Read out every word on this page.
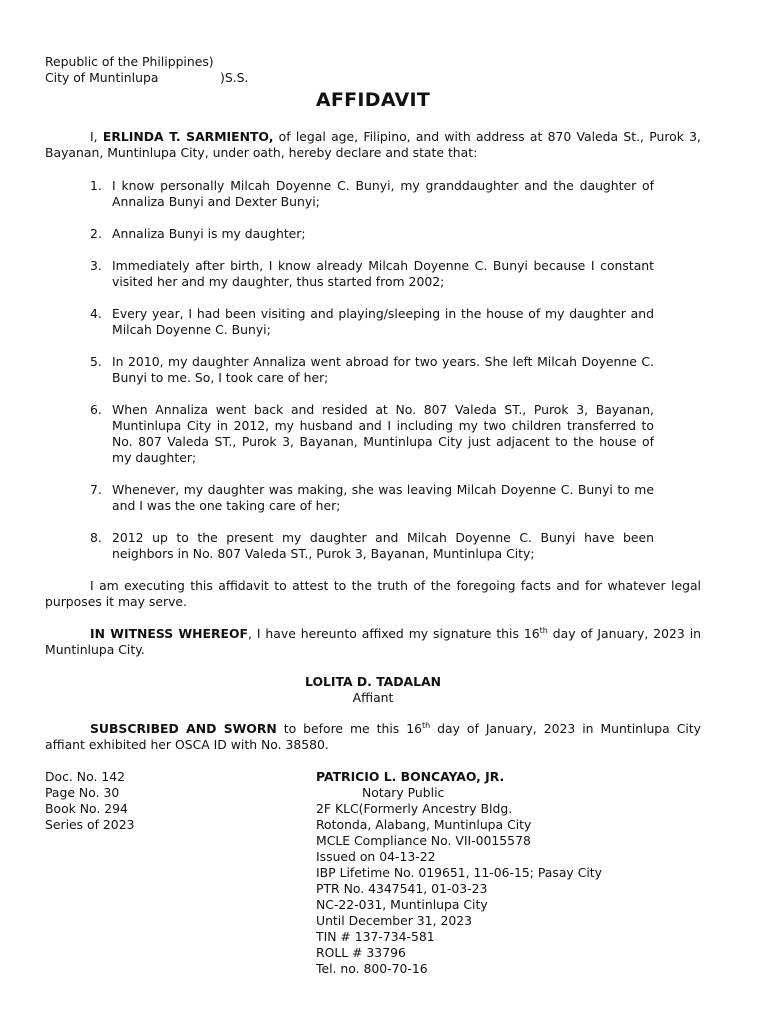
Republic of the Philippines)
City of Muntinlupa	)S.S.
AFFIDAVIT
I, ERLINDA T. SARMIENTO, of legal age, Filipino, and with address at 870 Valeda St., Purok 3, Bayanan, Muntinlupa City, under oath, hereby declare and state that:
1. I know personally Milcah Doyenne C. Bunyi, my granddaughter and the daughter of Annaliza Bunyi and Dexter Bunyi;
2. Annaliza Bunyi is my daughter;
3. Immediately after birth, I know already Milcah Doyenne C. Bunyi because I constant visited her and my daughter, thus started from 2002;
4. Every year, I had been visiting and playing/sleeping in the house of my daughter and Milcah Doyenne C. Bunyi;
5. In 2010, my daughter Annaliza went abroad for two years. She left Milcah Doyenne C. Bunyi to me. So, I took care of her;
6. When Annaliza went back and resided at No. 807 Valeda ST., Purok 3, Bayanan, Muntinlupa City in 2012, my husband and I including my two children transferred to No. 807 Valeda ST., Purok 3, Bayanan, Muntinlupa City just adjacent to the house of my daughter;
7. Whenever, my daughter was making, she was leaving Milcah Doyenne C. Bunyi to me and I was the one taking care of her;
8. 2012 up to the present my daughter and Milcah Doyenne C. Bunyi have been neighbors in No. 807 Valeda ST., Purok 3, Bayanan, Muntinlupa City;
I am executing this affidavit to attest to the truth of the foregoing facts and for whatever legal purposes it may serve.
IN WITNESS WHEREOF, I have hereunto affixed my signature this 16th day of January, 2023 in Muntinlupa City.
LOLITA D. TADALAN
Affiant
SUBSCRIBED AND SWORN to before me this 16th day of January, 2023 in Muntinlupa City affiant exhibited her OSCA ID with No. 38580.
Doc. No. 142
Page No. 30
Book No. 294
Series of 2023
PATRICIO L. BONCAYAO, JR.
Notary Public
2F KLC(Formerly Ancestry Bldg.
Rotonda, Alabang, Muntinlupa City
MCLE Compliance No. VII-0015578
Issued on 04-13-22
IBP Lifetime No. 019651, 11-06-15; Pasay City
PTR No. 4347541, 01-03-23
NC-22-031, Muntinlupa City
Until December 31, 2023
TIN # 137-734-581
ROLL # 33796
Tel. no. 800-70-16
